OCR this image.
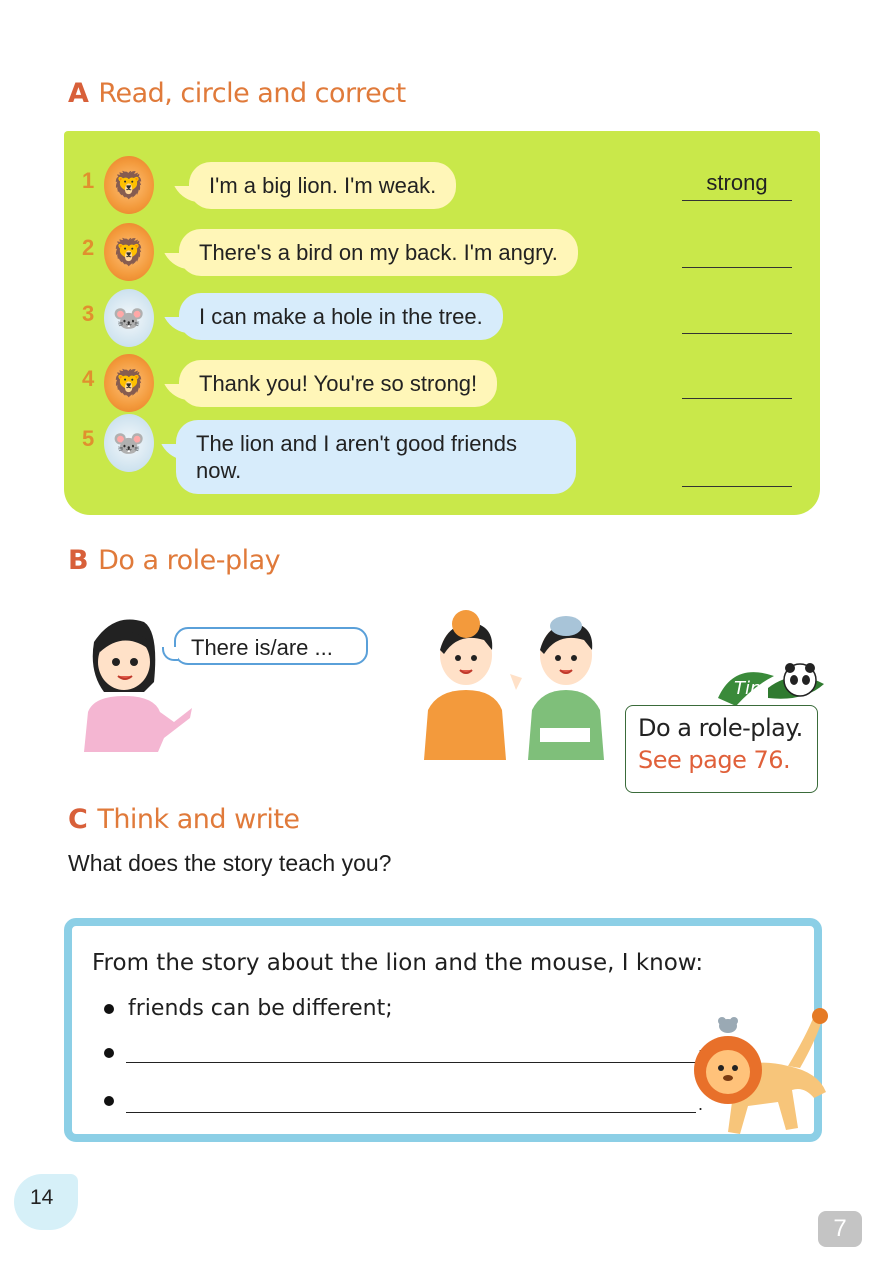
A Read, circle and correct
1 🦁	I'm a big lion. I'm weak.	strong
2 🦁	There's a bird on my back. I'm angry.
3 🐭	I can make a hole in the tree.
4 🦁	Thank you! You're so strong!
5 🐭	The lion and I aren't good friends
now.
B Do a role-play
There is/are ...
Tip
Do a role-play.
See page 76.
C Think and write
What does the story teach you?
From the story about the lion and the mouse, I know:
friends can be different;
.
14
7
